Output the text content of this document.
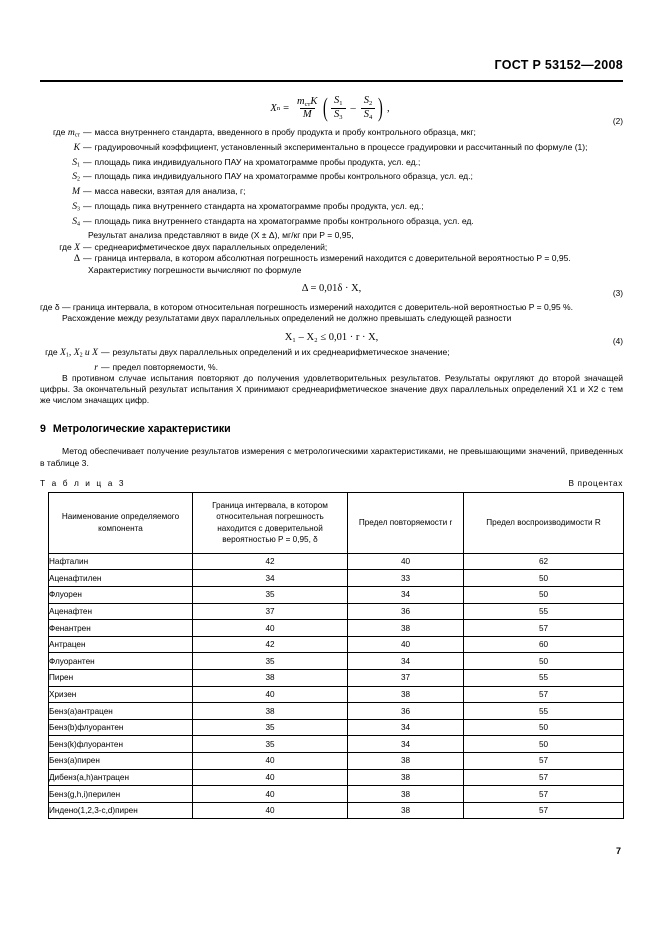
ГОСТ Р 53152—2008
X $n = \frac{m_{ст}K}{M}$ ( $\frac{S_1}{S_3} - \frac{S_2}{S_4}$ ) ,
(2)
где $m_{ст}$ — масса внутреннего стандарта, введенного в пробу продукта и пробу контрольного образца, мкг;
K — градуировочный коэффициент, установленный экспериментально в процессе градуировки и рассчитанный по формуле (1);
$S_1$ — площадь пика индивидуального ПАУ на хроматограмме пробы продукта, усл. ед.;
$S_2$ — площадь пика индивидуального ПАУ на хроматограмме пробы контрольного образца, усл. ед.;
M — масса навески, взятая для анализа, г;
$S_3$ — площадь пика внутреннего стандарта на хроматограмме пробы продукта, усл. ед.;
$S_4$ — площадь пика внутреннего стандарта на хроматограмме пробы контрольного образца, усл. ед.

Результат анализа представляют в виде (X ± Δ), мг/кг при P = 0,95,

где X — среднеарифметическое двух параллельных определений;
Δ — граница интервала, в котором абсолютная погрешность измерений находится с доверительной вероятностью P = 0,95.

Характеристику погрешности вычисляют по формуле

Δ = 0,01δ · X,	(3)

где δ — граница интервала, в котором относительная погрешность измерений находится с доверитель-ной вероятностью P = 0,95 %.

Расхождение между результатами двух параллельных определений не должно превышать следующей разности

X₁ – X₂ ≤ 0,01 · r · X,	(4)
где $X_1$, $X_2$ и X — результаты двух параллельных определений и их среднеарифметическое значение;
r — предел повторяемости, %.

В противном случае испытания повторяют до получения удовлетворительных результатов. Результаты округляют до второй значащей цифры. За окончательный результат испытания X принимают среднеарифметическое значение двух параллельных определений X1 и X2 с тем же числом значащих цифр.

9 Метрологические характеристики

Метод обеспечивает получение результатов измерения с метрологическими характеристиками, не превышающими значений, приведенных в таблице 3.

Т а б л и ц а 3	В процентах
Наименование определяемого компонента	Граница интервала, в котором относительная погрешность находится с доверительной вероятностью P = 0,95, δ	Предел повторяемости r	Предел воспроизводимости R
Нафталин	42	40	62
Аценафтилен	34	33	50
Флуорен	35	34	50
Аценафтен	37	36	55
Фенантрен	40	38	57
Антрацен	42	40	60
Флуорантен	35	34	50
Пирен	38	37	55
Хризен	40	38	57
Бенз(a)антрацен	38	36	55
Бенз(b)флуорантен	35	34	50
Бенз(k)флуорантен	35	34	50
Бенз(a)пирен	40	38	57
Дибенз(a,h)антрацен	40	38	57
Бенз(g,h,i)перилен	40	38	57
Индено(1,2,3-c,d)пирен	40	38	57
7
